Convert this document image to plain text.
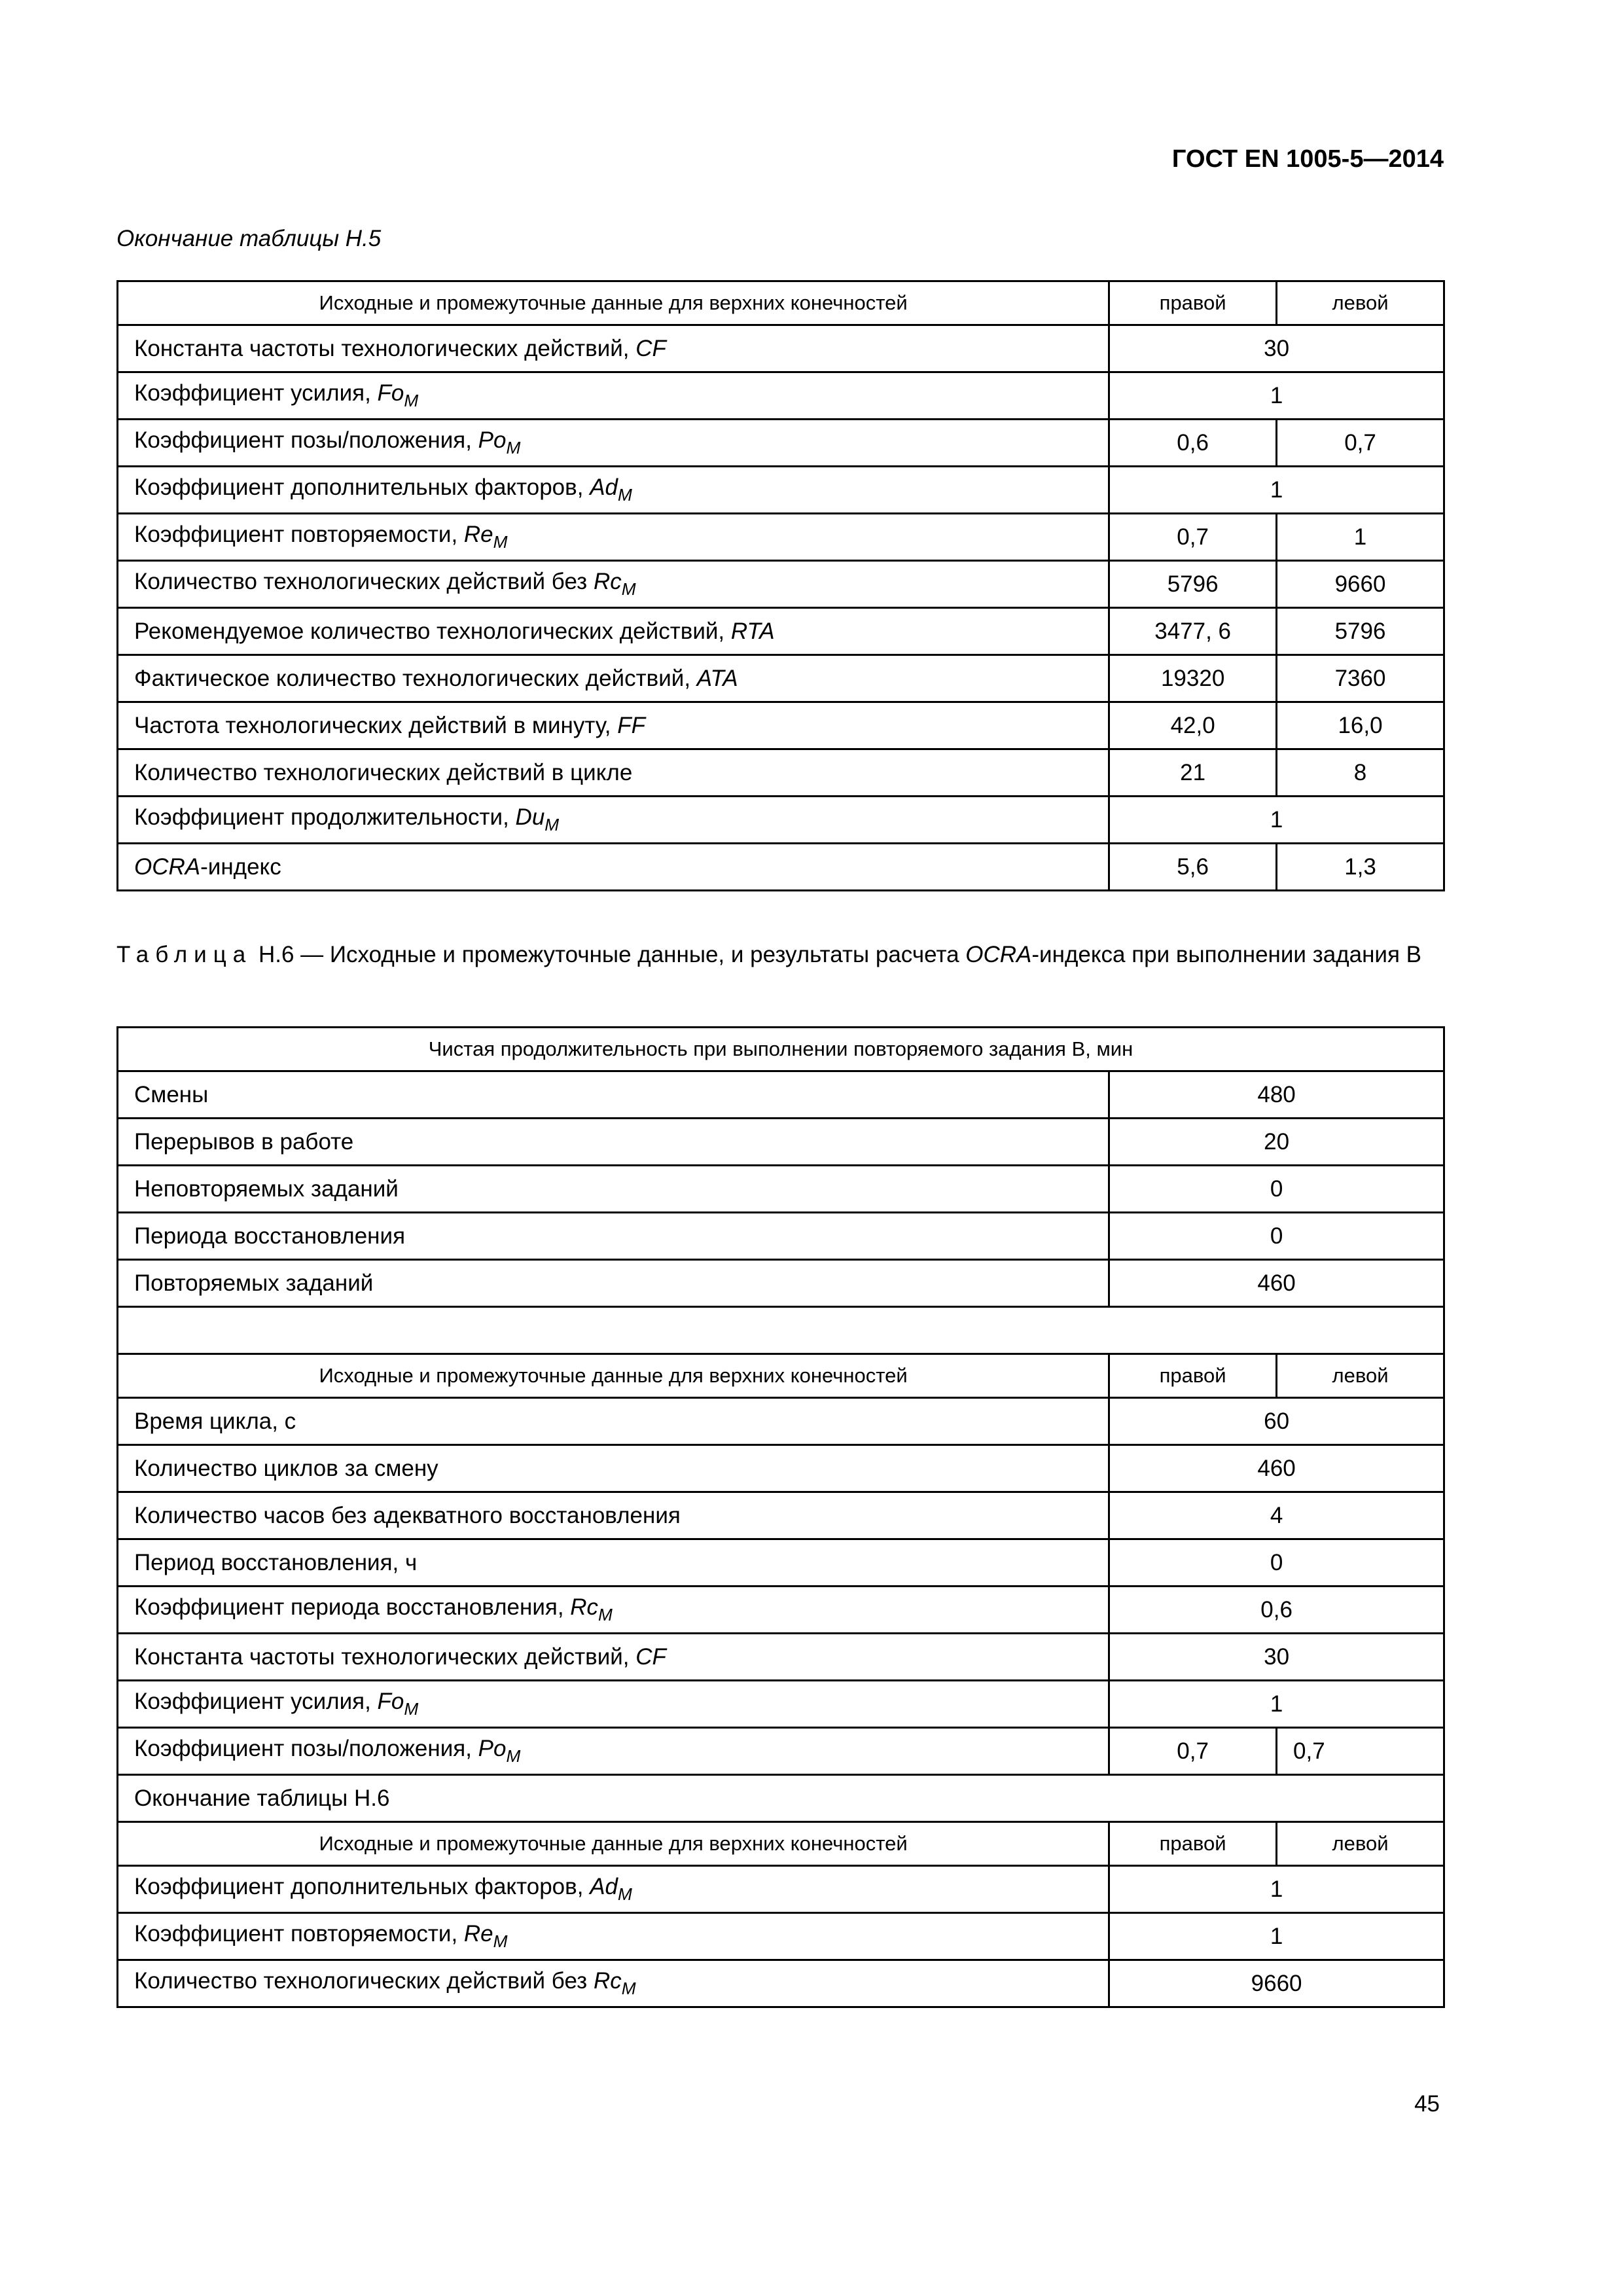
ГОСТ EN 1005-5—2014
Окончание таблицы Н.5
Исходные и промежуточные данные для верхних конечностей	правой	левой
Константа частоты технологических действий, CF	30	
Коэффициент усилия, $Fo_M$	1	
Коэффициент позы/положения, $Po_M$	0,6	0,7
Коэффициент дополнительных факторов, $Ad_M$	1	
Коэффициент повторяемости, $Re_M$	0,7	1
Количество технологических действий без $Rc_M$	5796	9660
Рекомендуемое количество технологических действий, RTA	3477, 6	5796
Фактическое количество технологических действий, ATA	19320	7360
Частота технологических действий в минуту, FF	42,0	16,0
Количество технологических действий в цикле	21	8
Коэффициент продолжительности, $Du_M$	1	
OCRA-индекс	5,6	1,3
Таблица Н.6 — Исходные и промежуточные данные, и результаты расчета OCRA-индекса при выполнении задания В
Чистая продолжительность при выполнении повторяемого задания В, мин		
Смены	480	
Перерывов в работе	20	
Неповторяемых заданий	0	
Периода восстановления	0	
Повторяемых заданий	460	

Исходные и промежуточные данные для верхних конечностей	правой	левой
Время цикла, с	60	
Количество циклов за смену	460	
Количество часов без адекватного восстановления	4	
Период восстановления, ч	0	
Коэффициент периода восстановления, $Rc_M$	0,6	
Константа частоты технологических действий, CF	30	
Коэффициент усилия, $Fo_M$	1	
Коэффициент позы/положения, $Po_M$	0,7	0,7
Окончание таблицы Н.6		
Исходные и промежуточные данные для верхних конечностей	правой	левой
Коэффициент дополнительных факторов, $Ad_M$	1	
Коэффициент повторяемости, $Re_M$	1	
Количество технологических действий без $Rc_M$	9660	
45
